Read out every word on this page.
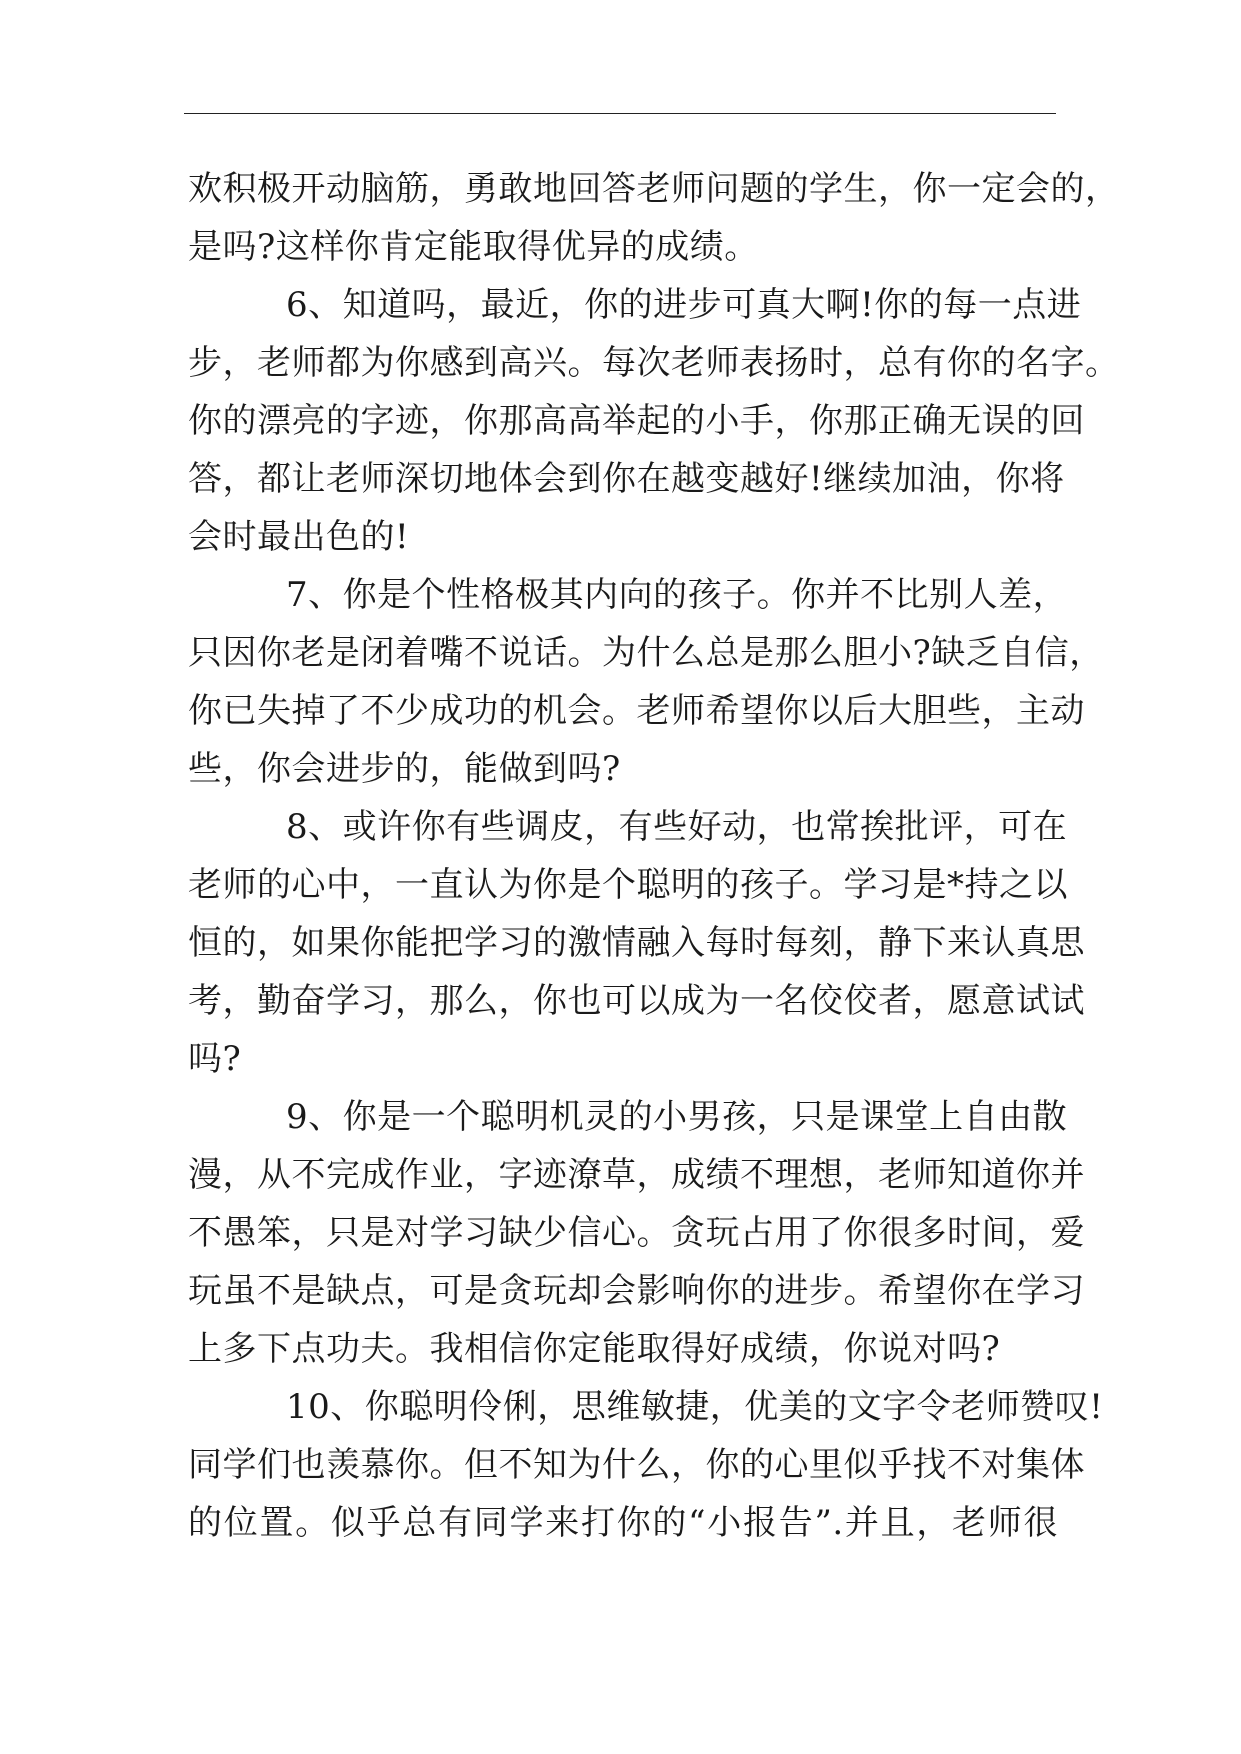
欢积极开动脑筋，勇敢地回答老师问题的学生，你一定会的，
是吗?这样你肯定能取得优异的成绩。
6、知道吗，最近，你的进步可真大啊!你的每一点进
步，老师都为你感到高兴。每次老师表扬时，总有你的名字。
你的漂亮的字迹，你那高高举起的小手，你那正确无误的回
答，都让老师深切地体会到你在越变越好!继续加油，你将
会时最出色的!
7、你是个性格极其内向的孩子。你并不比别人差，
只因你老是闭着嘴不说话。为什么总是那么胆小?缺乏自信，
你已失掉了不少成功的机会。老师希望你以后大胆些，主动
些，你会进步的，能做到吗?
8、或许你有些调皮，有些好动，也常挨批评，可在
老师的心中，一直认为你是个聪明的孩子。学习是*持之以
恒的，如果你能把学习的激情融入每时每刻，静下来认真思
考，勤奋学习，那么，你也可以成为一名佼佼者，愿意试试
吗?
9、你是一个聪明机灵的小男孩，只是课堂上自由散
漫，从不完成作业，字迹潦草，成绩不理想，老师知道你并
不愚笨，只是对学习缺少信心。贪玩占用了你很多时间，爱
玩虽不是缺点，可是贪玩却会影响你的进步。希望你在学习
上多下点功夫。我相信你定能取得好成绩，你说对吗?
10、你聪明伶俐，思维敏捷，优美的文字令老师赞叹!
同学们也羡慕你。但不知为什么，你的心里似乎找不对集体
的位置。似乎总有同学来打你的“小报告”.并且，老师很
